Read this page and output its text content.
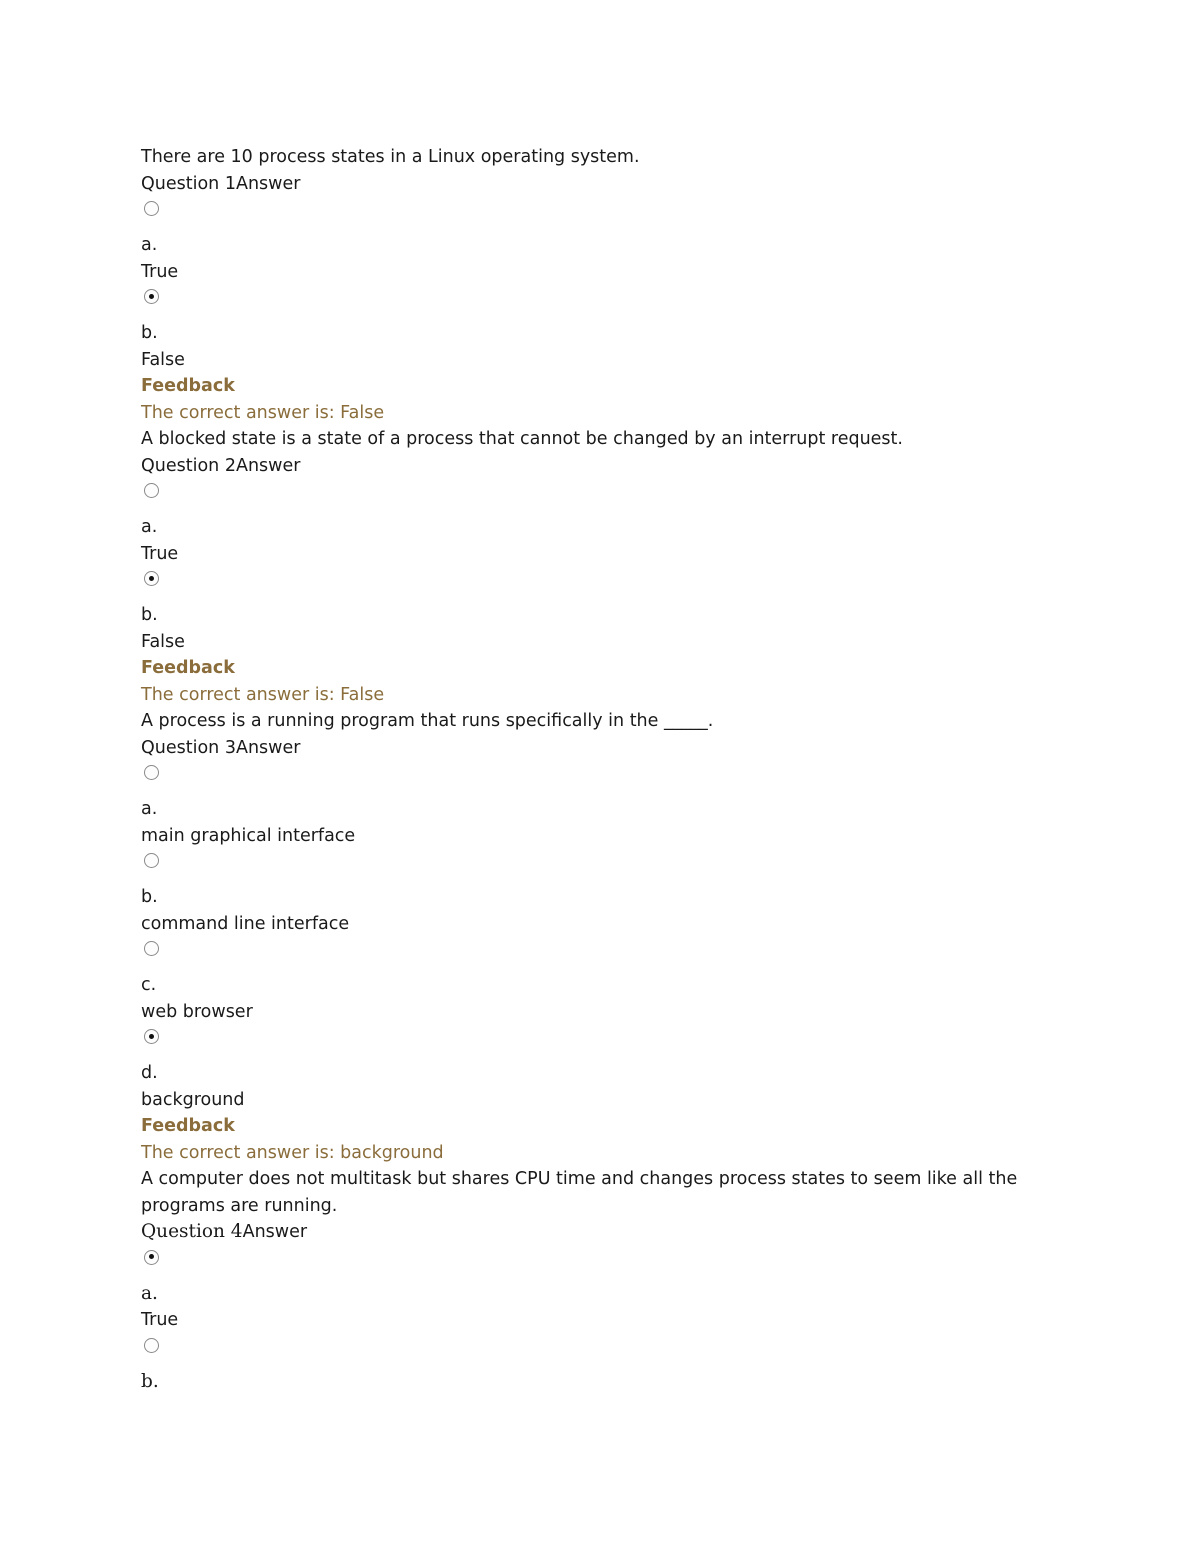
There are 10 process states in a Linux operating system.
Question 1Answer
a.
True
b.
False
Feedback
The correct answer is: False
A blocked state is a state of a process that cannot be changed by an interrupt request.
Question 2Answer
a.
True
b.
False
Feedback
The correct answer is: False
A process is a running program that runs specifically in the _____.
Question 3Answer
a.
main graphical interface
b.
command line interface
c.
web browser
d.
background
Feedback
The correct answer is: background
A computer does not multitask but shares CPU time and changes process states to seem like all the programs are running.
Question 4Answer
a.
True
b.
